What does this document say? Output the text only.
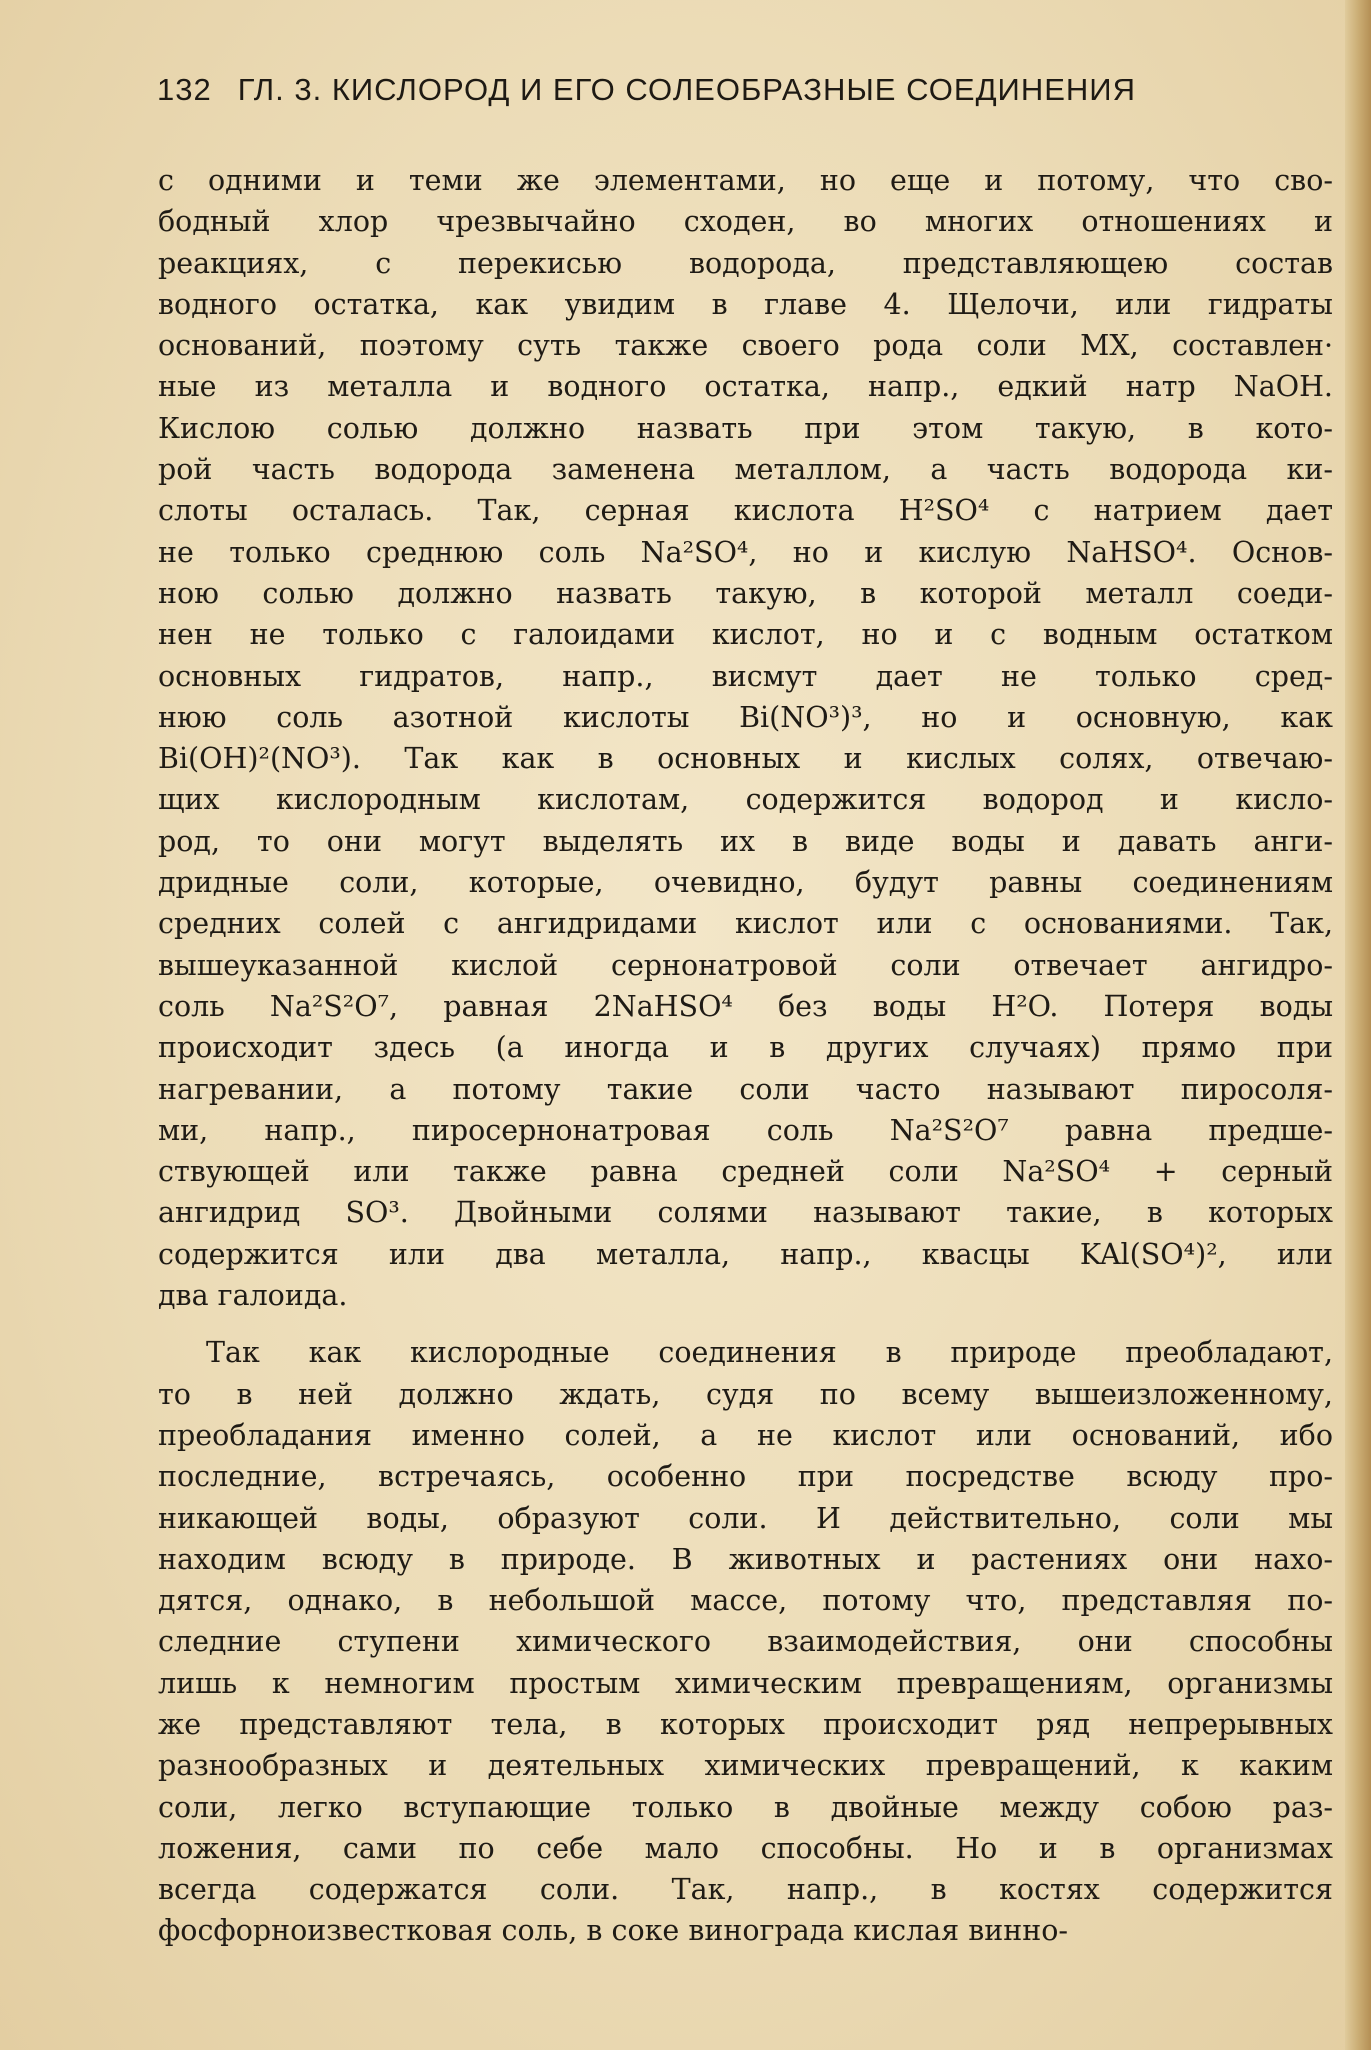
132 ГЛ. 3. КИСЛОРОД И ЕГО СОЛЕОБРАЗНЫЕ СОЕДИНЕНИЯ
с одними и теми же элементами, но еще и потому, что сво-
бодный хлор чрезвычайно сходен, во многих отношениях и
реакциях, с перекисью водорода, представляющею состав
водного остатка, как увидим в главе 4. Щелочи, или гидраты
оснований, поэтому суть также своего рода соли МХ, составлен·
ные из металла и водного остатка, напр., едкий натр NaOH.
Кислою солью должно назвать при этом такую, в кото-
рой часть водорода заменена металлом, а часть водорода ки-
слоты осталась. Так, серная кислота H²SO⁴ с натрием дает
не только среднюю соль Na²SO⁴, но и кислую NaHSO⁴. Основ-
ною солью должно назвать такую, в которой металл соеди-
нен не только с галоидами кислот, но и с водным остатком
основных гидратов, напр., висмут дает не только сред-
нюю соль азотной кислоты Bi(NO³)³, но и основную, как
Bi(OH)²(NO³). Так как в основных и кислых солях, отвечаю-
щих кислородным кислотам, содержится водород и кисло-
род, то они могут выделять их в виде воды и давать анги-
дридные соли, которые, очевидно, будут равны соединениям
средних солей с ангидридами кислот или с основаниями. Так,
вышеуказанной кислой сернонатровой соли отвечает ангидро-
соль Na²S²O⁷, равная 2NaHSO⁴ без воды H²O. Потеря воды
происходит здесь (а иногда и в других случаях) прямо при
нагревании, а потому такие соли часто называют пиросоля-
ми, напр., пиросернонатровая соль Na²S²O⁷ равна предше-
ствующей или также равна средней соли Na²SO⁴ + серный
ангидрид SO³. Двойными солями называют такие, в которых
содержится или два металла, напр., квасцы KAl(SO⁴)², или
два галоида.
Так как кислородные соединения в природе преобладают,
то в ней должно ждать, судя по всему вышеизложенному,
преобладания именно солей, а не кислот или оснований, ибо
последние, встречаясь, особенно при посредстве всюду про-
никающей воды, образуют соли. И действительно, соли мы
находим всюду в природе. В животных и растениях они нахо-
дятся, однако, в небольшой массе, потому что, представляя по-
следние ступени химического взаимодействия, они способны
лишь к немногим простым химическим превращениям, организмы
же представляют тела, в которых происходит ряд непрерывных
разнообразных и деятельных химических превращений, к каким
соли, легко вступающие только в двойные между собою раз-
ложения, сами по себе мало способны. Но и в организмах
всегда содержатся соли. Так, напр., в костях содержится
фосфорноизвестковая соль, в соке винограда кислая винно-
